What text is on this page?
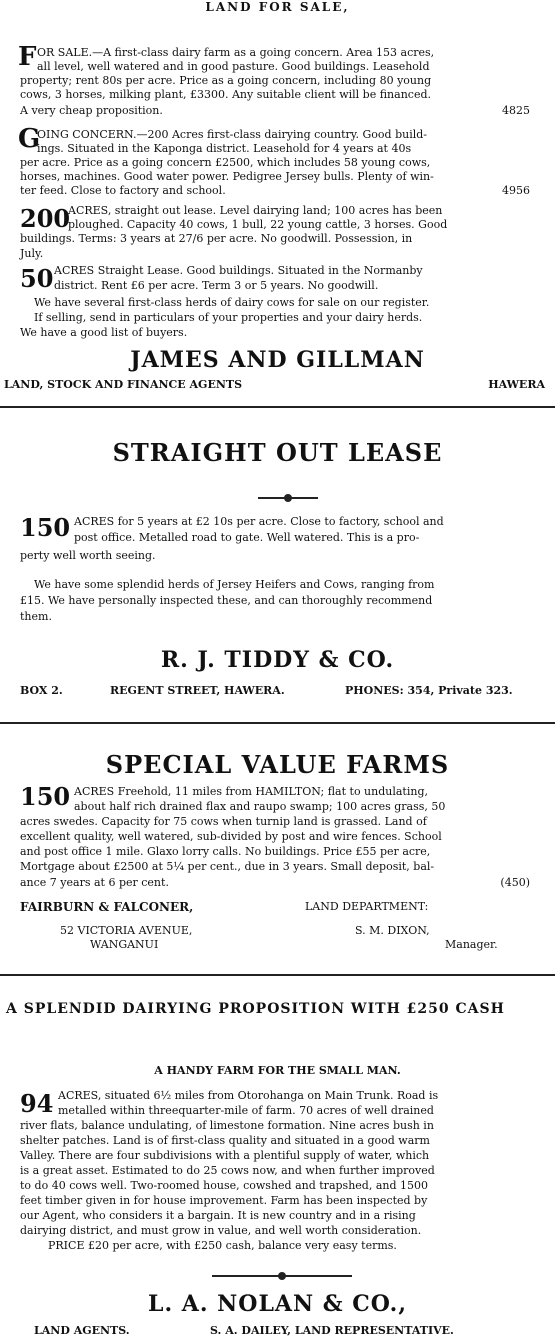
LAND FOR SALE,
F OR SALE.—A first-class dairy farm as a going concern. Area 153 acres,
all level, well watered and in good pasture. Good buildings. Leasehold
property; rent 80s per acre. Price as a going concern, including 80 young
cows, 3 horses, milking plant, £3300. Any suitable client will be financed.
A very cheap proposition.	4825
G
OING CONCERN.—200 Acres first-class dairying country. Good build-
ings. Situated in the Kaponga district. Leasehold for 4 years at 40s
per acre. Price as a going concern £2500, which includes 58 young cows,
horses, machines. Good water power. Pedigree Jersey bulls. Plenty of win-
ter feed. Close to factory and school.	4956
200
ACRES, straight out lease. Level dairying land; 100 acres has been
ploughed. Capacity 40 cows, 1 bull, 22 young cattle, 3 horses. Good
buildings. Terms: 3 years at 27/6 per acre. No goodwill. Possession, in
July.
50 ACRES Straight Lease. Good buildings. Situated in the Normanby
district. Rent £6 per acre. Term 3 or 5 years. No goodwill.
We have several first-class herds of dairy cows for sale on our register.
If selling, send in particulars of your properties and your dairy herds.
We have a good list of buyers.
JAMES AND GILLMAN
LAND, STOCK AND FINANCE AGENTS	HAWERA
STRAIGHT OUT LEASE
150 ACRES for 5 years at £2 10s per acre. Close to factory, school and
post office. Metalled road to gate. Well watered. This is a pro-
perty well worth seeing.
We have some splendid herds of Jersey Heifers and Cows, ranging from
£15. We have personally inspected these, and can thoroughly recommend
them.
R. J. TIDDY & CO.
BOX 2.	REGENT STREET, HAWERA.	PHONES: 354, Private 323.
SPECIAL VALUE FARMS
150 ACRES Freehold, 11 miles from HAMILTON; flat to undulating,
about half rich drained flax and raupo swamp; 100 acres grass, 50
acres swedes. Capacity for 75 cows when turnip land is grassed. Land of
excellent quality, well watered, sub-divided by post and wire fences. School
and post office 1 mile. Glaxo lorry calls. No buildings. Price £55 per acre,
Mortgage about £2500 at 5¼ per cent., due in 3 years. Small deposit, bal-
ance 7 years at 6 per cent.	(450)
FAIRBURN & FALCONER,
52 VICTORIA AVENUE,
WANGANUI
LAND DEPARTMENT:
S. M. DIXON,
Manager.
A SPLENDID DAIRYING PROPOSITION WITH £250 CASH
A HANDY FARM FOR THE SMALL MAN.
94 ACRES, situated 6½ miles from Otorohanga on Main Trunk. Road is
metalled within threequarter-mile of farm. 70 acres of well drained
river flats, balance undulating, of limestone formation. Nine acres bush in
shelter patches. Land is of first-class quality and situated in a good warm
Valley. There are four subdivisions with a plentiful supply of water, which
is a great asset. Estimated to do 25 cows now, and when further improved
to do 40 cows well. Two-roomed house, cowshed and trapshed, and 1500
feet timber given in for house improvement. Farm has been inspected by
our Agent, who considers it a bargain. It is new country and in a rising
dairying district, and must grow in value, and well worth consideration.
PRICE £20 per acre, with £250 cash, balance very easy terms.
L. A. NOLAN & CO.,
LAND AGENTS.	S. A. DAILEY, LAND REPRESENTATIVE.
